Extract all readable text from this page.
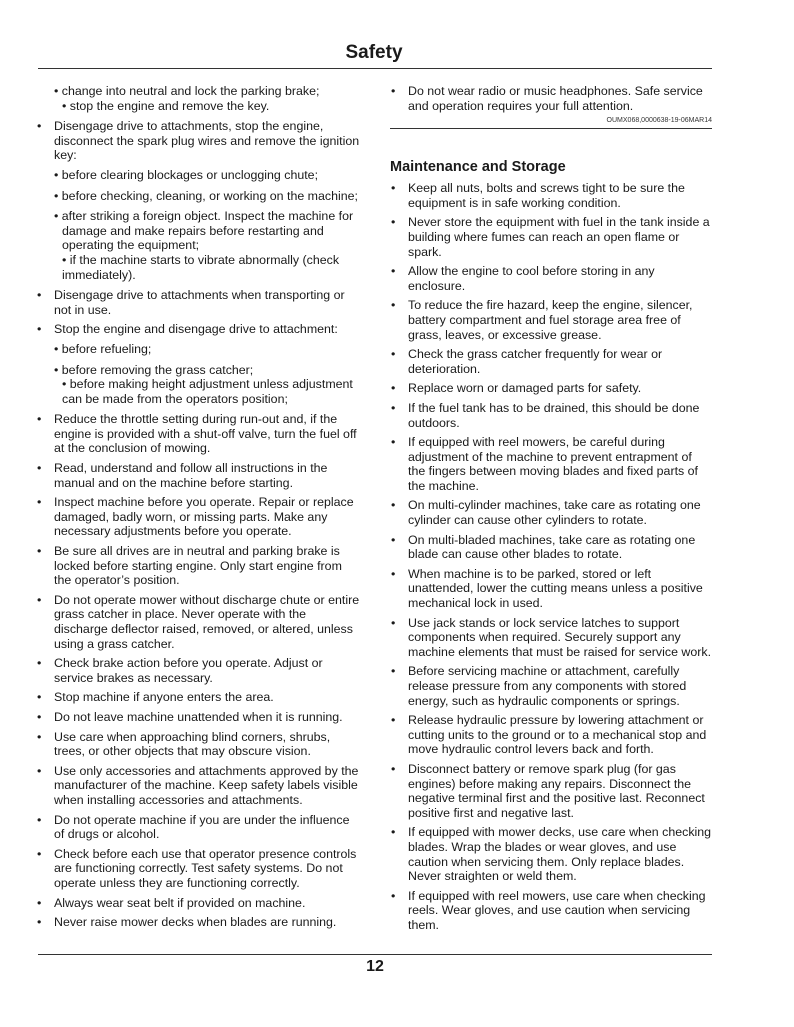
Safety
• change into neutral and lock the parking brake;
• stop the engine and remove the key.
• Disengage drive to attachments, stop the engine, disconnect the spark plug wires and remove the ignition key:
• before clearing blockages or unclogging chute;
• before checking, cleaning, or working on the machine;
• after striking a foreign object. Inspect the machine for damage and make repairs before restarting and operating the equipment;
• if the machine starts to vibrate abnormally (check immediately).
• Disengage drive to attachments when transporting or not in use.
• Stop the engine and disengage drive to attachment:
• before refueling;
• before removing the grass catcher;
• before making height adjustment unless adjustment can be made from the operators position;
• Reduce the throttle setting during run-out and, if the engine is provided with a shut-off valve, turn the fuel off at the conclusion of mowing.
• Read, understand and follow all instructions in the manual and on the machine before starting.
• Inspect machine before you operate. Repair or replace damaged, badly worn, or missing parts. Make any necessary adjustments before you operate.
• Be sure all drives are in neutral and parking brake is locked before starting engine. Only start engine from the operator’s position.
• Do not operate mower without discharge chute or entire grass catcher in place. Never operate with the discharge deflector raised, removed, or altered, unless using a grass catcher.
• Check brake action before you operate. Adjust or service brakes as necessary.
• Stop machine if anyone enters the area.
• Do not leave machine unattended when it is running.
• Use care when approaching blind corners, shrubs, trees, or other objects that may obscure vision.
• Use only accessories and attachments approved by the manufacturer of the machine. Keep safety labels visible when installing accessories and attachments.
• Do not operate machine if you are under the influence of drugs or alcohol.
• Check before each use that operator presence controls are functioning correctly. Test safety systems. Do not operate unless they are functioning correctly.
• Always wear seat belt if provided on machine.
• Never raise mower decks when blades are running.
• Do not wear radio or music headphones. Safe service and operation requires your full attention.
OUMX068,0000638-19-06MAR14
Maintenance and Storage
• Keep all nuts, bolts and screws tight to be sure the equipment is in safe working condition.
• Never store the equipment with fuel in the tank inside a building where fumes can reach an open flame or spark.
• Allow the engine to cool before storing in any enclosure.
• To reduce the fire hazard, keep the engine, silencer, battery compartment and fuel storage area free of grass, leaves, or excessive grease.
• Check the grass catcher frequently for wear or deterioration.
• Replace worn or damaged parts for safety.
• If the fuel tank has to be drained, this should be done outdoors.
• If equipped with reel mowers, be careful during adjustment of the machine to prevent entrapment of the fingers between moving blades and fixed parts of the machine.
• On multi-cylinder machines, take care as rotating one cylinder can cause other cylinders to rotate.
• On multi-bladed machines, take care as rotating one blade can cause other blades to rotate.
• When machine is to be parked, stored or left unattended, lower the cutting means unless a positive mechanical lock in used.
• Use jack stands or lock service latches to support components when required. Securely support any machine elements that must be raised for service work.
• Before servicing machine or attachment, carefully release pressure from any components with stored energy, such as hydraulic components or springs.
• Release hydraulic pressure by lowering attachment or cutting units to the ground or to a mechanical stop and move hydraulic control levers back and forth.
• Disconnect battery or remove spark plug (for gas engines) before making any repairs. Disconnect the negative terminal first and the positive last. Reconnect positive first and negative last.
• If equipped with mower decks, use care when checking blades. Wrap the blades or wear gloves, and use caution when servicing them. Only replace blades. Never straighten or weld them.
• If equipped with reel mowers, use care when checking reels. Wear gloves, and use caution when servicing them.
12
